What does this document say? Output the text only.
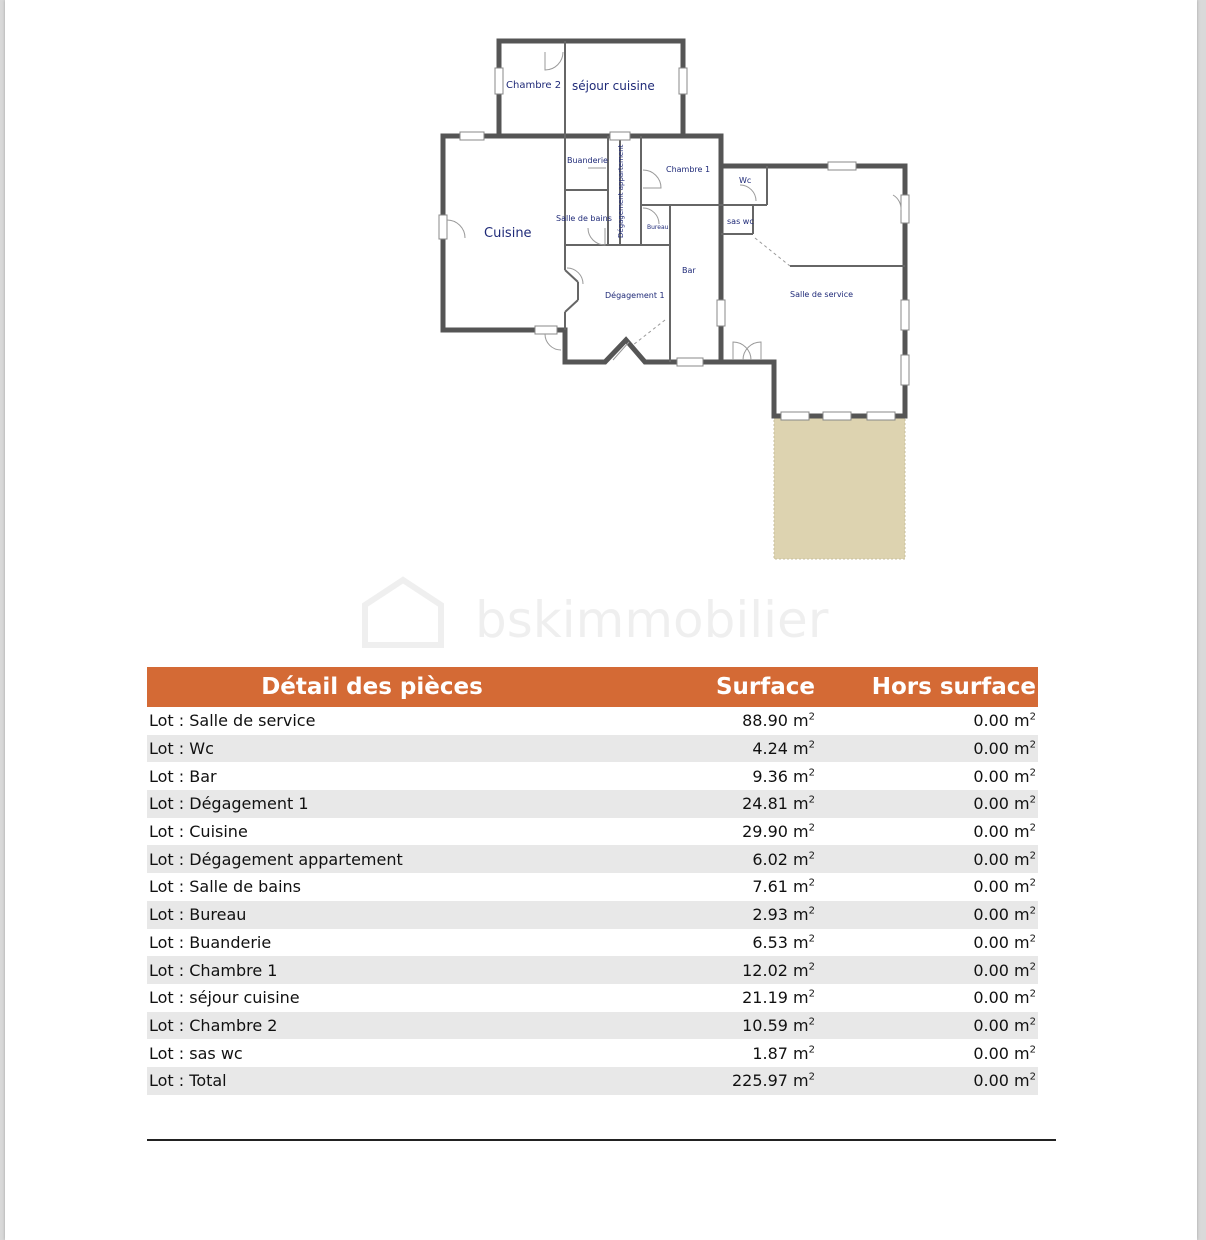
Chambre 2 séjour cuisine
Buanderie
Chambre 1
Wc
Cuisine
Salle de bains Dégagement appartement	Bureau
sas wc
Bar
Dégagement 1	Salle de service
bskimmobilier
Détail des pièces	Surface	Hors surface
Lot : Salle de service	88.90 $m^2$	0.00 $m^2$
Lot : Wc	4.24 $m^2$	0.00 $m^2$
Lot : Bar	9.36 $m^2$	0.00 $m^2$
Lot : Dégagement 1	24.81 $m^2$	0.00 $m^2$
Lot : Cuisine	29.90 $m^2$	0.00 $m^2$
Lot : Dégagement appartement	6.02 $m^2$	0.00 $m^2$
Lot : Salle de bains	7.61 $m^2$	0.00 $m^2$
Lot : Bureau	2.93 $m^2$	0.00 $m^2$
Lot : Buanderie	6.53 $m^2$	0.00 $m^2$
Lot : Chambre 1	12.02 $m^2$	0.00 $m^2$
Lot : séjour cuisine	21.19 $m^2$	0.00 $m^2$
Lot : Chambre 2	10.59 $m^2$	0.00 $m^2$
Lot : sas wc	1.87 $m^2$	0.00 $m^2$
Lot : Total	225.97 $m^2$	0.00 $m^2$
